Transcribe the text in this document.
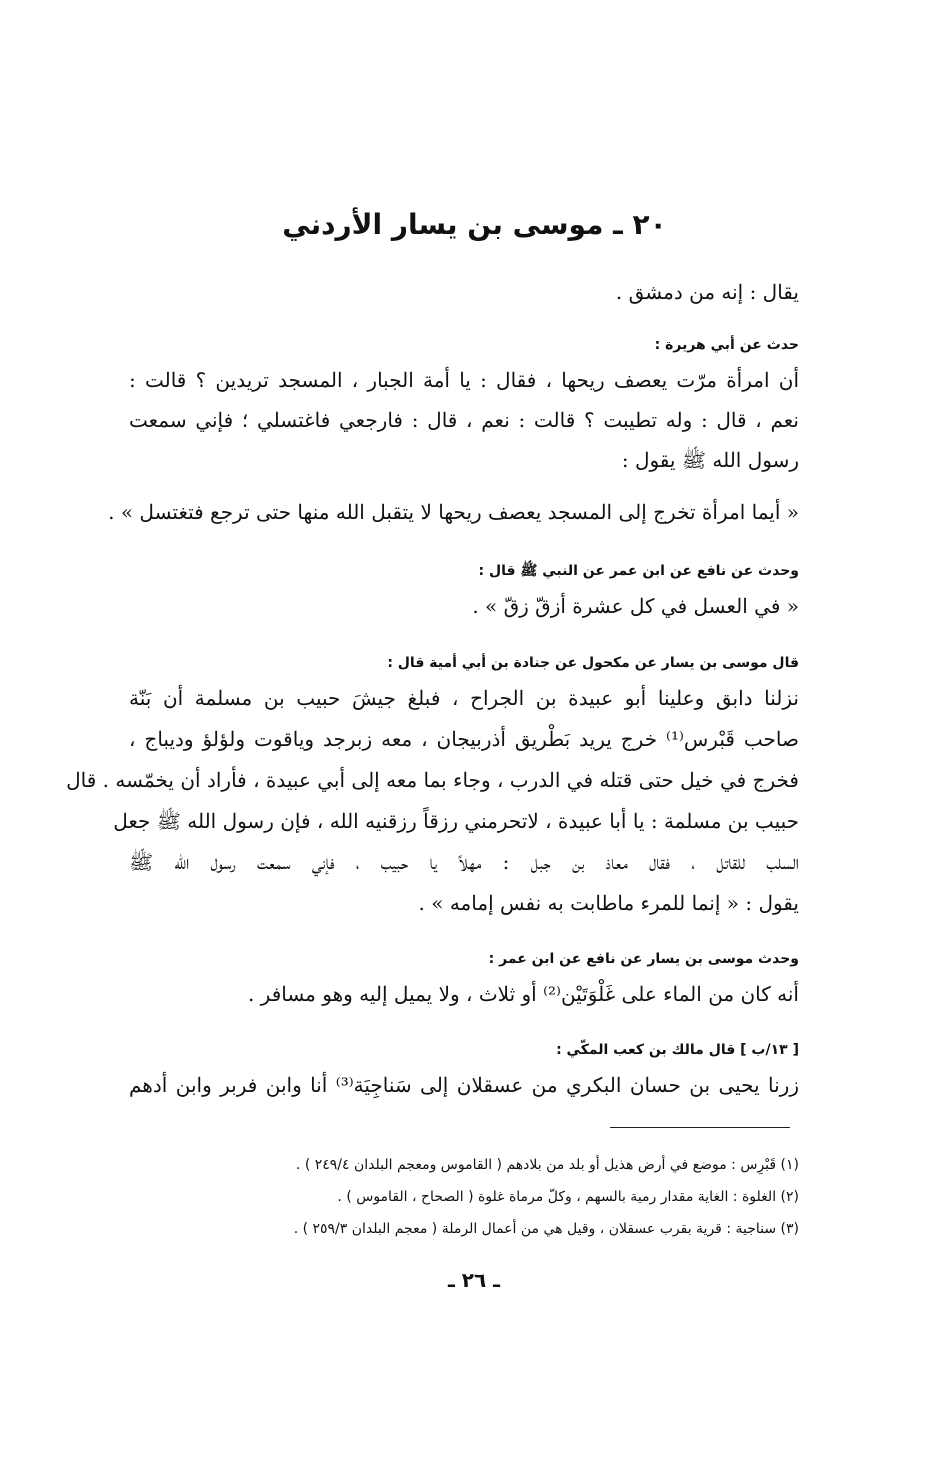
٢٠ ـ موسى بن يسار الأردني
يقال : إنه من دمشق .
حدث عن أبي هريرة :
أن امرأة مرّت يعصف ريحها ، فقال : يا أمة الجبار ، المسجد تريدين ؟ قالت :
نعم ، قال : وله تطيبت ؟ قالت : نعم ، قال : فارجعي فاغتسلي ؛ فإني سمعت
رسول الله ﷺ يقول :
« أيما امرأة تخرج إلى المسجد يعصف ريحها لا يتقبل الله منها حتى ترجع فتغتسل » .
وحدث عن نافع عن ابن عمر عن النبي ﷺ قال :
« في العسل في كل عشرة أزقّ زقّ » .
قال موسى بن يسار عن مكحول عن جنادة بن أبي أمية قال :
نزلنا دابق وعلينا أبو عبيدة بن الجراح ، فبلغ جيشَ حبيب بن مسلمة أن بَنّة
صاحب قَبْرس⁽¹⁾ خرج يريد بَطْريق أذربيجان ، معه زبرجد وياقوت ولؤلؤ وديباج ،
فخرج في خيل حتى قتله في الدرب ، وجاء بما معه إلى أبي عبيدة ، فأراد أن يخمّسه . قال
حبيب بن مسلمة : يا أبا عبيدة ، لاتحرمني رزقاً رزقنيه الله ، فإن رسول الله ﷺ جعل
السلب للقاتل ، فقال معاذ بن جبل : مهلاً يا حبيب ، فإني سمعت رسول الله ﷺ
يقول : « إنما للمرء ماطابت به نفس إمامه » .
وحدث موسى بن يسار عن نافع عن ابن عمر :
أنه كان من الماء على غَلْوَتَيْن⁽²⁾ أو ثلاث ، ولا يميل إليه وهو مسافر .
[ ١٣/ب ] قال مالك بن كعب المكّي :
زرنا يحيى بن حسان البكري من عسقلان إلى سَناجِيَة⁽³⁾ أنا وابن فربر وابن أدهم
(١) قَبْرِس : موضع في أرض هذيل أو بلد من بلادهم ( القاموس ومعجم البلدان ٢٤٩/٤ ) .
(٢) الغلوة : الغاية مقدار رمية بالسهم ، وكلّ مرماة غلوة ( الصحاح ، القاموس ) .
(٣) سناجية : قرية بقرب عسقلان ، وقيل هي من أعمال الرملة ( معجم البلدان ٢٥٩/٣ ) .
ـ ٢٦ ـ
